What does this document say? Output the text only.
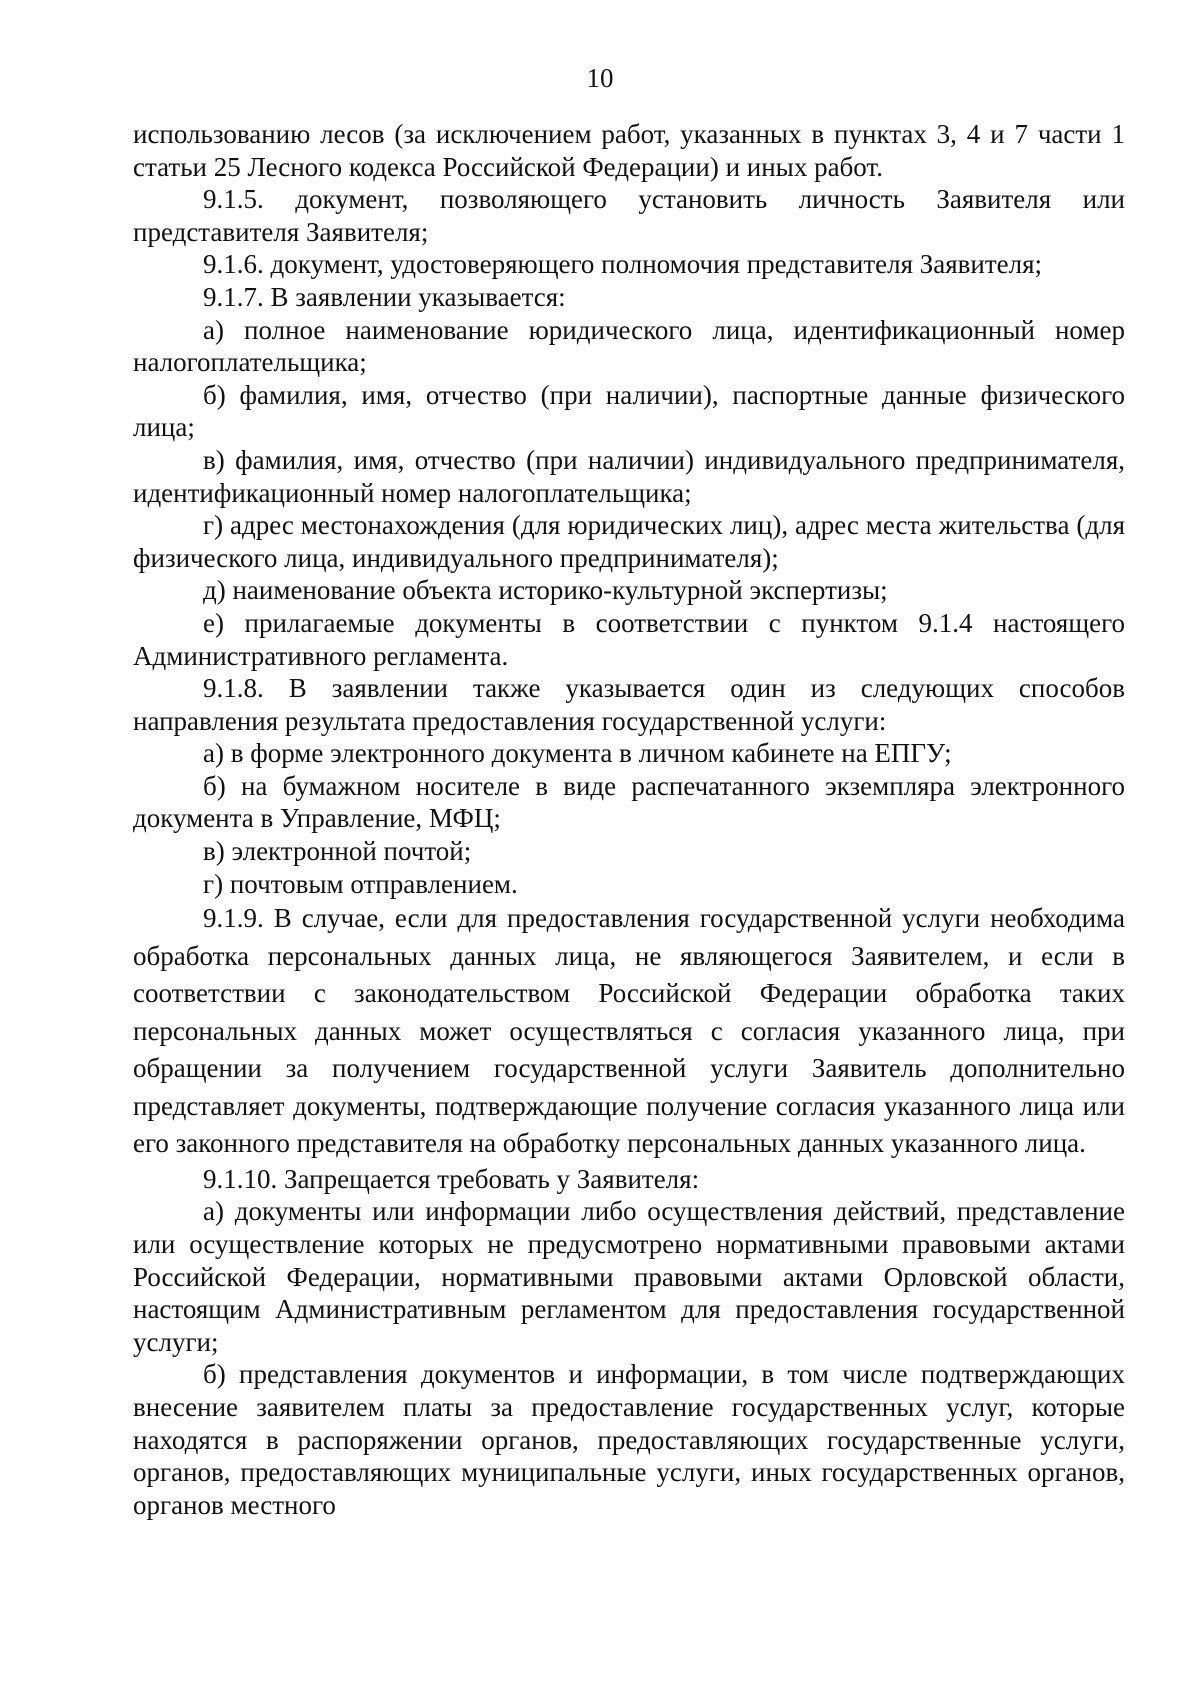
10

использованию лесов (за исключением работ, указанных в пунктах 3, 4 и 7 части 1 статьи 25 Лесного кодекса Российской Федерации) и иных работ.

9.1.5. документ, позволяющего установить личность Заявителя или представителя Заявителя;

9.1.6. документ, удостоверяющего полномочия представителя Заявителя;

9.1.7. В заявлении указывается:

а) полное наименование юридического лица, идентификационный номер налогоплательщика;

б) фамилия, имя, отчество (при наличии), паспортные данные физического лица;

в) фамилия, имя, отчество (при наличии) индивидуального предпринимателя, идентификационный номер налогоплательщика;

г) адрес местонахождения (для юридических лиц), адрес места жительства (для физического лица, индивидуального предпринимателя);

д) наименование объекта историко-культурной экспертизы;

е) прилагаемые документы в соответствии с пунктом 9.1.4 настоящего Административного регламента.

9.1.8. В заявлении также указывается один из следующих способов направления результата предоставления государственной услуги:

а) в форме электронного документа в личном кабинете на ЕПГУ;

б) на бумажном носителе в виде распечатанного экземпляра электронного документа в Управление, МФЦ;

в) электронной почтой;

г) почтовым отправлением.

9.1.9. В случае, если для предоставления государственной услуги необходима обработка персональных данных лица, не являющегося Заявителем, и если в соответствии с законодательством Российской Федерации обработка таких персональных данных может осуществляться с согласия указанного лица, при обращении за получением государственной услуги Заявитель дополнительно представляет документы, подтверждающие получение согласия указанного лица или его законного представителя на обработку персональных данных указанного лица.

9.1.10. Запрещается требовать у Заявителя:

а) документы или информации либо осуществления действий, представление или осуществление которых не предусмотрено нормативными правовыми актами Российской Федерации, нормативными правовыми актами Орловской области, настоящим Административным регламентом для предоставления государственной услуги;

б) представления документов и информации, в том числе подтверждающих внесение заявителем платы за предоставление государственных услуг, которые находятся в распоряжении органов, предоставляющих государственные услуги, органов, предоставляющих муниципальные услуги, иных государственных органов, органов местного
